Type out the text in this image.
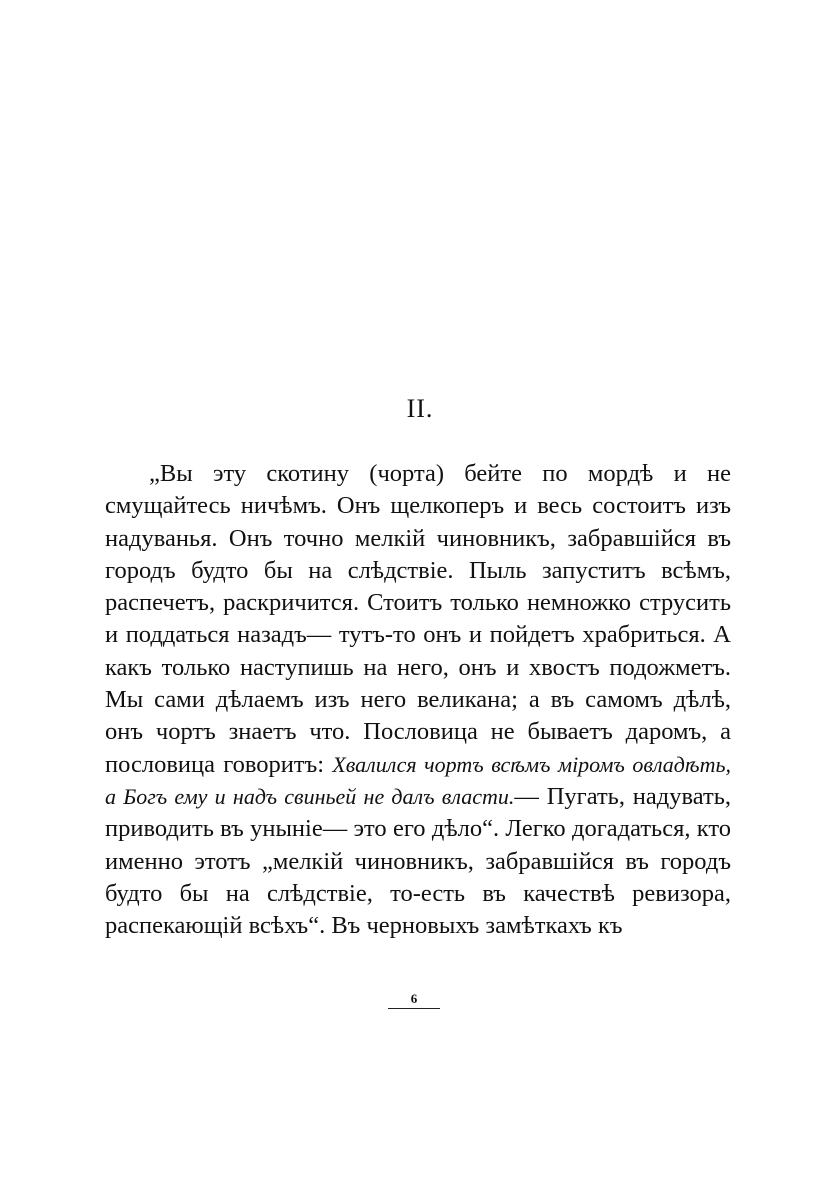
II.

„Вы эту скотину (чорта) бейте по мордѣ и не смущайтесь ничѣмъ. Онъ щелкоперъ и весь состоитъ изъ надуванья. Онъ точно мелкій чиновникъ, забравшійся въ городъ будто бы на слѣдствіе. Пыль запуститъ всѣмъ, распечетъ, раскричится. Стоитъ только немножко струсить и поддаться назадъ— тутъ-то онъ и пойдетъ храбриться. А какъ только наступишь на него, онъ и хвостъ подожметъ. Мы сами дѣлаемъ изъ него великана; а въ самомъ дѣлѣ, онъ чортъ знаетъ что. Пословица не бываетъ даромъ, а пословица говоритъ: Хвалился чортъ всѣмъ міромъ овладѣть, а Богъ ему и надъ свиньей не далъ власти.— Пугать, надувать, приводить въ уныніе— это его дѣло“. Легко догадаться, кто именно этотъ „мелкій чиновникъ, забравшійся въ городъ будто бы на слѣдствіе, то-есть въ качествѣ ревизора, распекающій всѣхъ“. Въ черновыхъ замѣткахъ къ

6
